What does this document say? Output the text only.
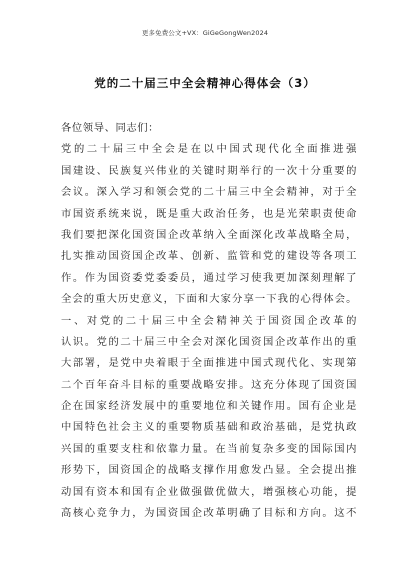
更多免费公文+VX：GiGeGongWen2024
党的二十届三中全会精神心得体会（3）
各位领导、同志们：
党的二十届三中全会是在以中国式现代化全面推进强
国建设、民族复兴伟业的关键时期举行的一次十分重要的
会议。深入学习和领会党的二十届三中全会精神，对于全
市国资系统来说，既是重大政治任务，也是光荣职责使命
我们要把深化国资国企改革纳入全面深化改革战略全局，
扎实推动国资国企改革、创新、监管和党的建设等各项工
作。作为国资委党委委员，通过学习使我更加深刻理解了
全会的重大历史意义，下面和大家分享一下我的心得体会。
一、对党的二十届三中全会精神关于国资国企改革的
认识。党的二十届三中全会对深化国资国企改革作出的重
大部署，是党中央着眼于全面推进中国式现代化、实现第
二个百年奋斗目标的重要战略安排。这充分体现了国资国
企在国家经济发展中的重要地位和关键作用。国有企业是
中国特色社会主义的重要物质基础和政治基础，是党执政
兴国的重要支柱和依靠力量。在当前复杂多变的国际国内
形势下，国资国企的战略支撑作用愈发凸显。全会提出推
动国有资本和国有企业做强做优做大，增强核心功能，提
高核心竞争力，为国资国企改革明确了目标和方向。这不
